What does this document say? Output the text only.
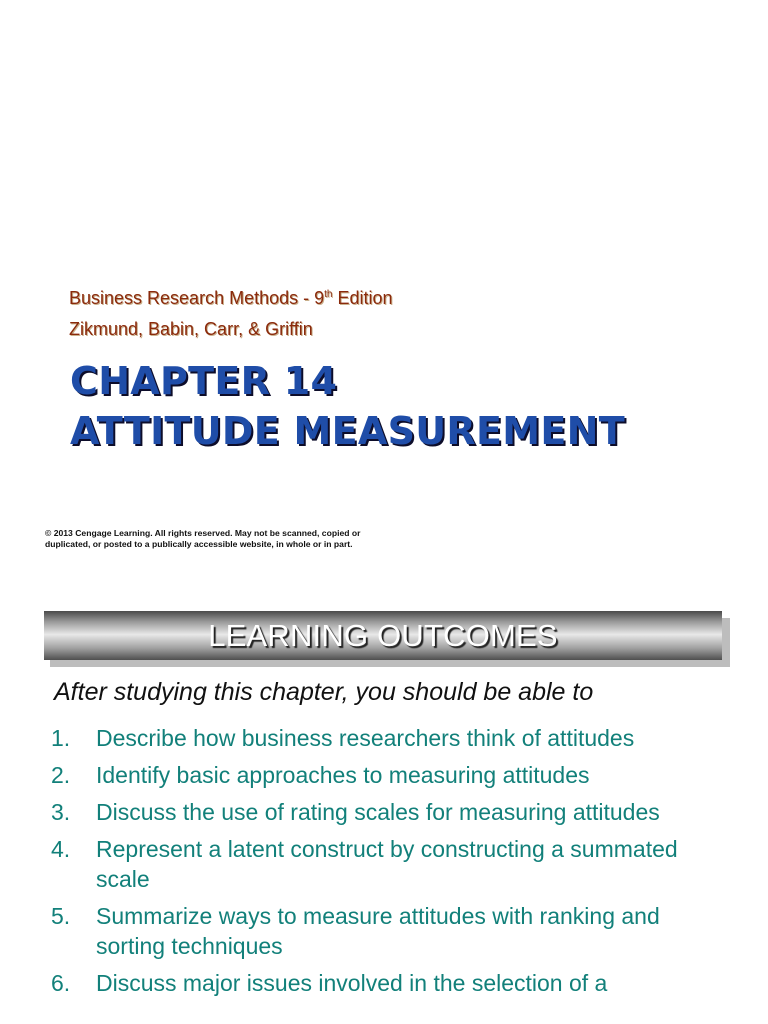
Business Research Methods - 9th Edition
Zikmund, Babin, Carr, & Griffin
CHAPTER 14
ATTITUDE MEASUREMENT
© 2013 Cengage Learning. All rights reserved. May not be scanned, copied or duplicated, or posted to a publically accessible website, in whole or in part.
LEARNING OUTCOMES
After studying this chapter, you should be able to
1. Describe how business researchers think of attitudes
2. Identify basic approaches to measuring attitudes
3. Discuss the use of rating scales for measuring attitudes
4. Represent a latent construct by constructing a summated scale
5. Summarize ways to measure attitudes with ranking and sorting techniques
6. Discuss major issues involved in the selection of a
